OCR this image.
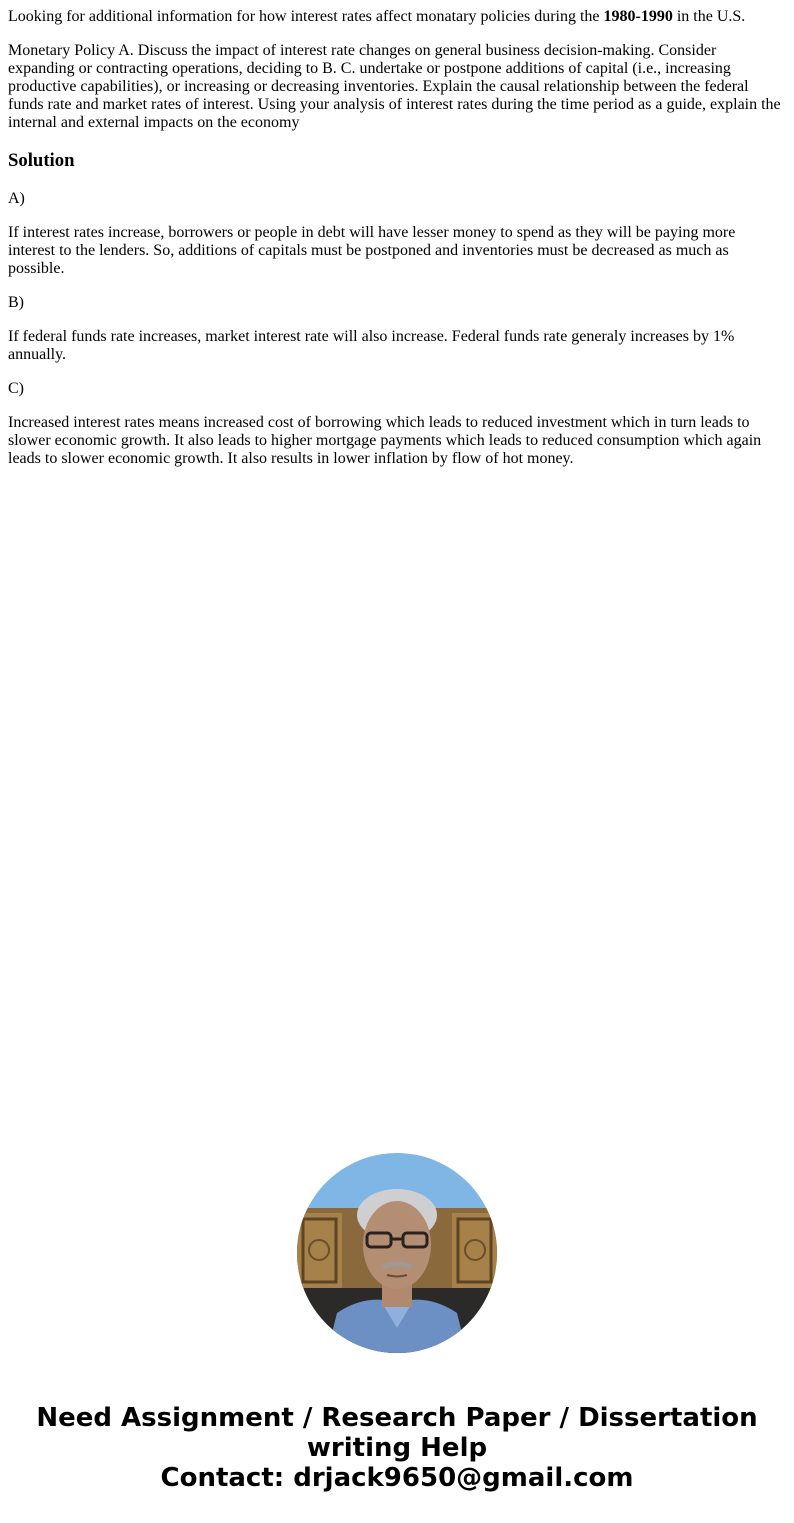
Looking for additional information for how interest rates affect monatary policies during the 1980-1990 in the U.S.

Monetary Policy A. Discuss the impact of interest rate changes on general business decision-making. Consider expanding or contracting operations, deciding to B. C. undertake or postpone additions of capital (i.e., increasing productive capabilities), or increasing or decreasing inventories. Explain the causal relationship between the federal funds rate and market rates of interest. Using your analysis of interest rates during the time period as a guide, explain the internal and external impacts on the economy

Solution

A)

If interest rates increase, borrowers or people in debt will have lesser money to spend as they will be paying more interest to the lenders. So, additions of capitals must be postponed and inventories must be decreased as much as possible.

B)

If federal funds rate increases, market interest rate will also increase. Federal funds rate generaly increases by 1% annually.

C)

Increased interest rates means increased cost of borrowing which leads to reduced investment which in turn leads to slower economic growth. It also leads to higher mortgage payments which leads to reduced consumption which again leads to slower economic growth. It also results in lower inflation by flow of hot money.

Need Assignment / Research Paper / Dissertation
writing Help
Contact: drjack9650@gmail.com
